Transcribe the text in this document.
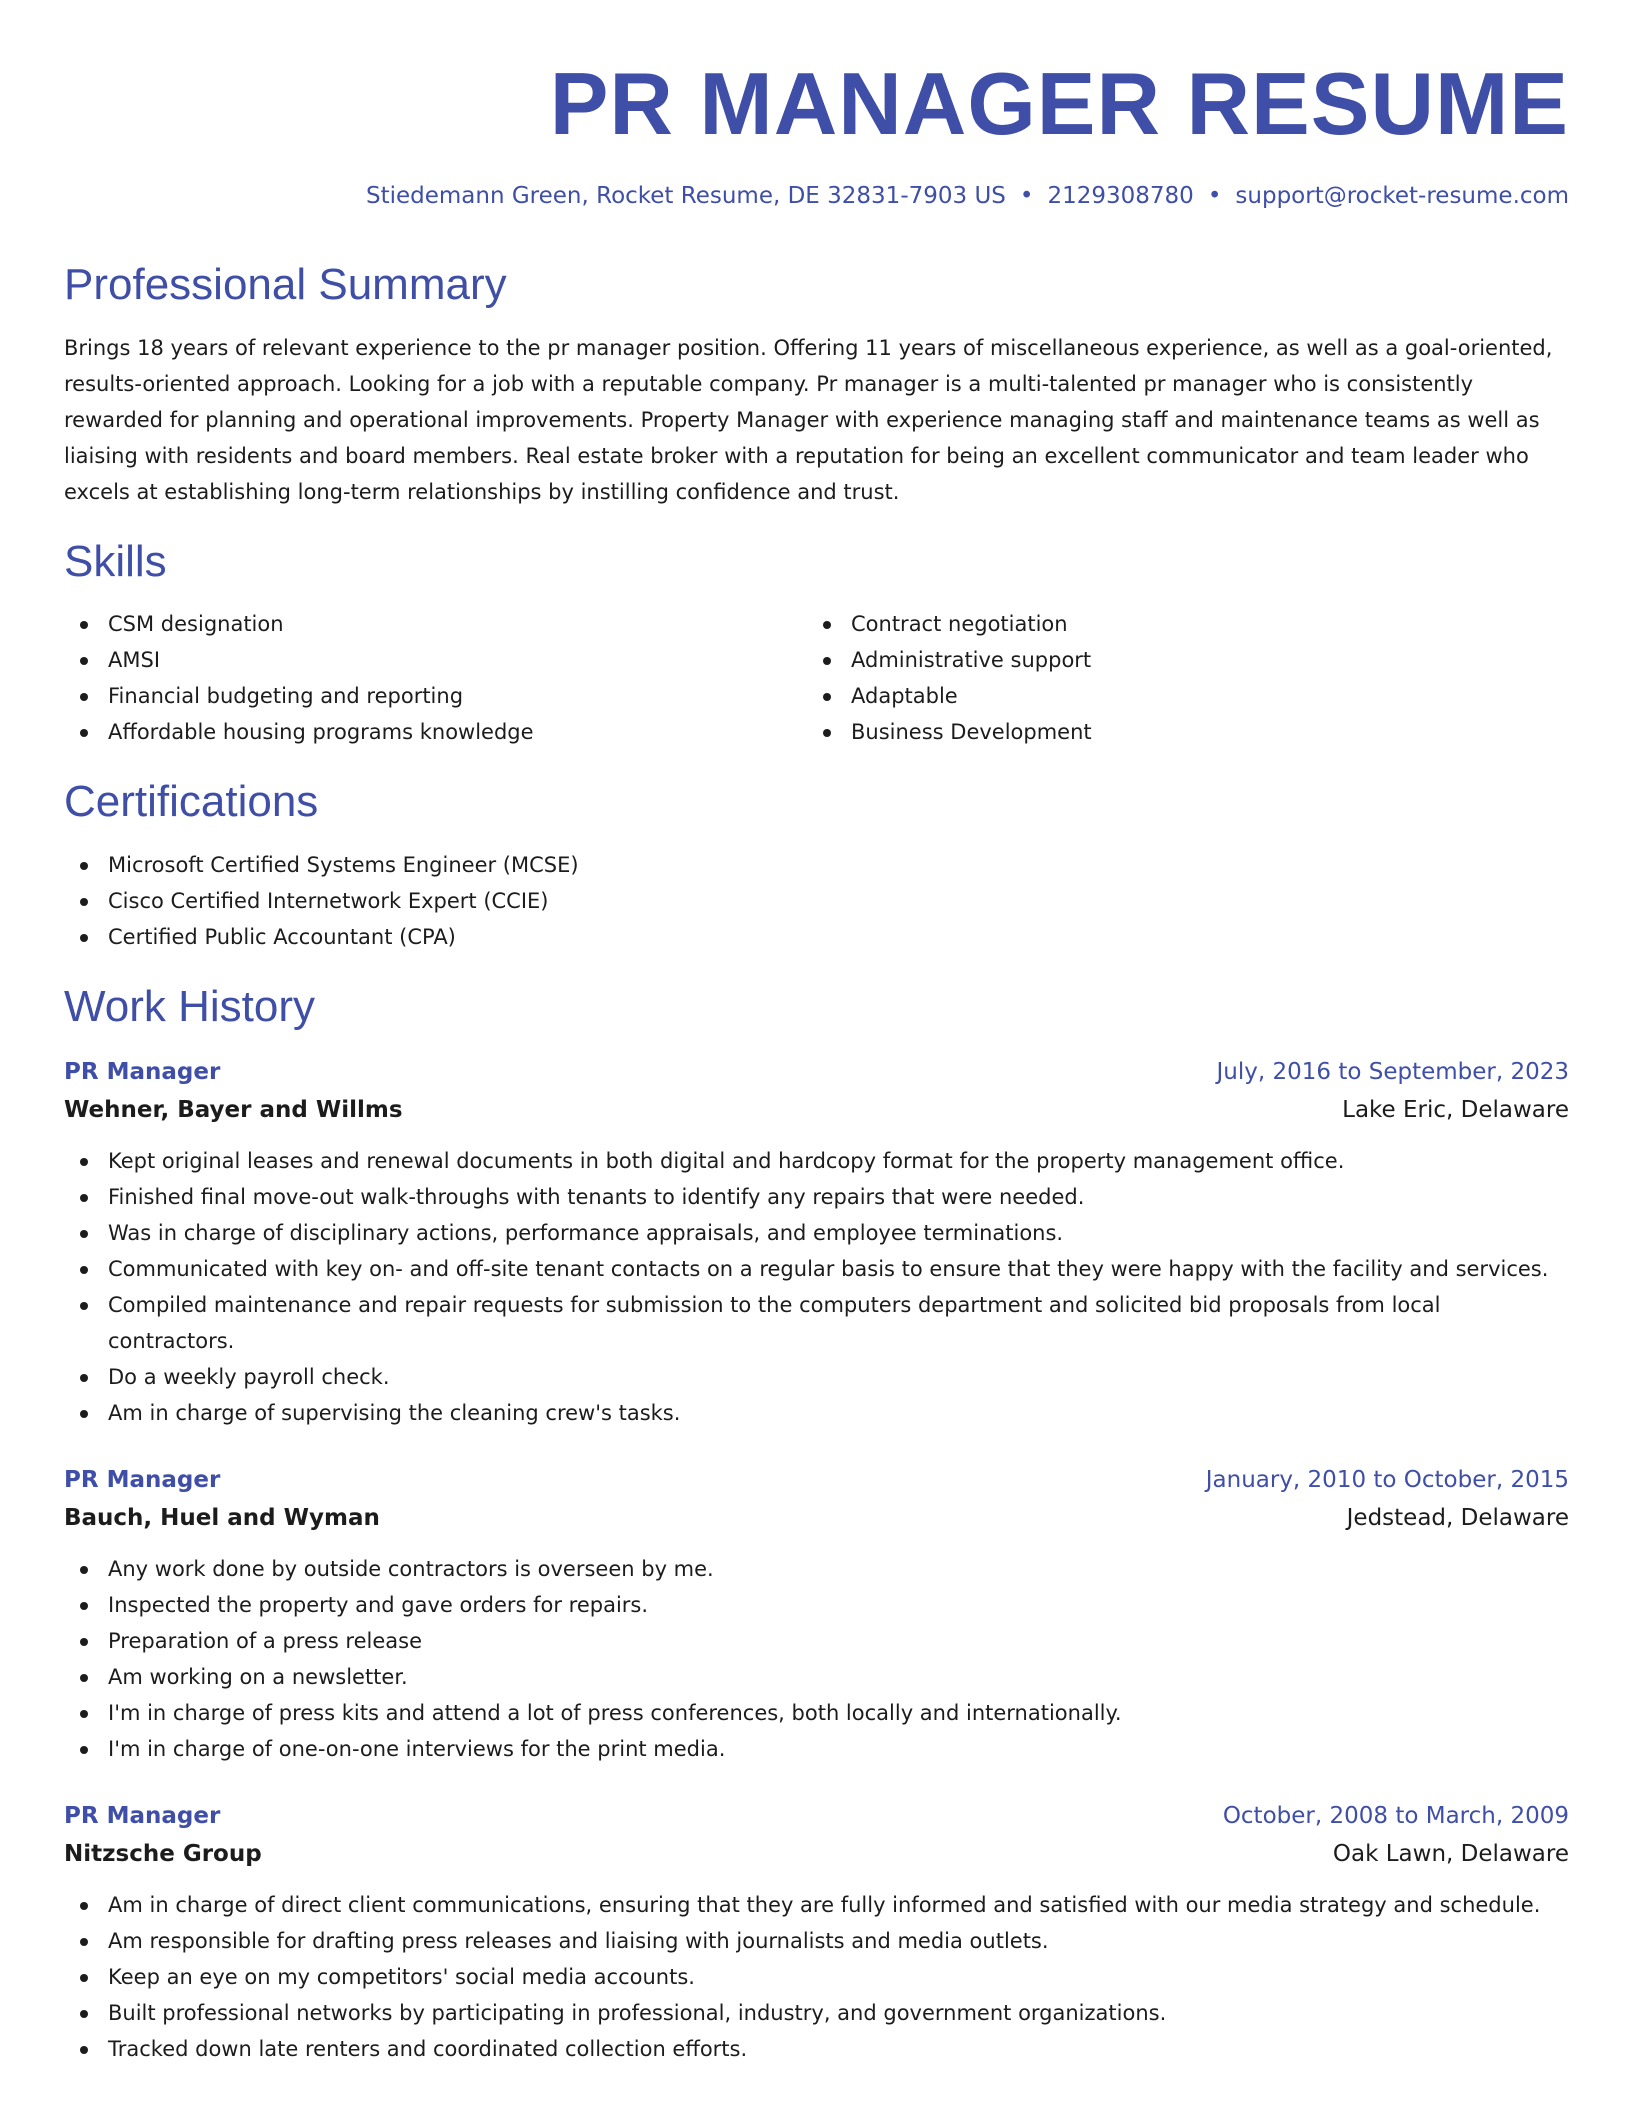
PR MANAGER RESUME
Stiedemann Green, Rocket Resume, DE 32831-7903 US • 2129308780 • support@rocket-resume.com
Professional Summary

Brings 18 years of relevant experience to the pr manager position. Offering 11 years of miscellaneous experience, as well as a goal-oriented, results-oriented approach. Looking for a job with a reputable company. Pr manager is a multi-talented pr manager who is consistently rewarded for planning and operational improvements. Property Manager with experience managing staff and maintenance teams as well as liaising with residents and board members. Real estate broker with a reputation for being an excellent communicator and team leader who excels at establishing long-term relationships by instilling confidence and trust.

Skills
CSM designation
AMSI
Financial budgeting and reporting
Affordable housing programs knowledge
Contract negotiation
Administrative support
Adaptable
Business Development
Certifications
Microsoft Certified Systems Engineer (MCSE)
Cisco Certified Internetwork Expert (CCIE)
Certified Public Accountant (CPA)
Work History
PR Manager	July, 2016 to September, 2023
Wehner, Bayer and Willms	Lake Eric, Delaware
Kept original leases and renewal documents in both digital and hardcopy format for the property management office.
Finished final move-out walk-throughs with tenants to identify any repairs that were needed.
Was in charge of disciplinary actions, performance appraisals, and employee terminations.
Communicated with key on- and off-site tenant contacts on a regular basis to ensure that they were happy with the facility and services.
Compiled maintenance and repair requests for submission to the computers department and solicited bid proposals from local contractors.
Do a weekly payroll check.
Am in charge of supervising the cleaning crew's tasks.
PR Manager	January, 2010 to October, 2015
Bauch, Huel and Wyman	Jedstead, Delaware
Any work done by outside contractors is overseen by me.
Inspected the property and gave orders for repairs.
Preparation of a press release
Am working on a newsletter.
I'm in charge of press kits and attend a lot of press conferences, both locally and internationally.
I'm in charge of one-on-one interviews for the print media.
PR Manager	October, 2008 to March, 2009
Nitzsche Group	Oak Lawn, Delaware
Am in charge of direct client communications, ensuring that they are fully informed and satisfied with our media strategy and schedule.
Am responsible for drafting press releases and liaising with journalists and media outlets.
Keep an eye on my competitors' social media accounts.
Built professional networks by participating in professional, industry, and government organizations.
Tracked down late renters and coordinated collection efforts.
